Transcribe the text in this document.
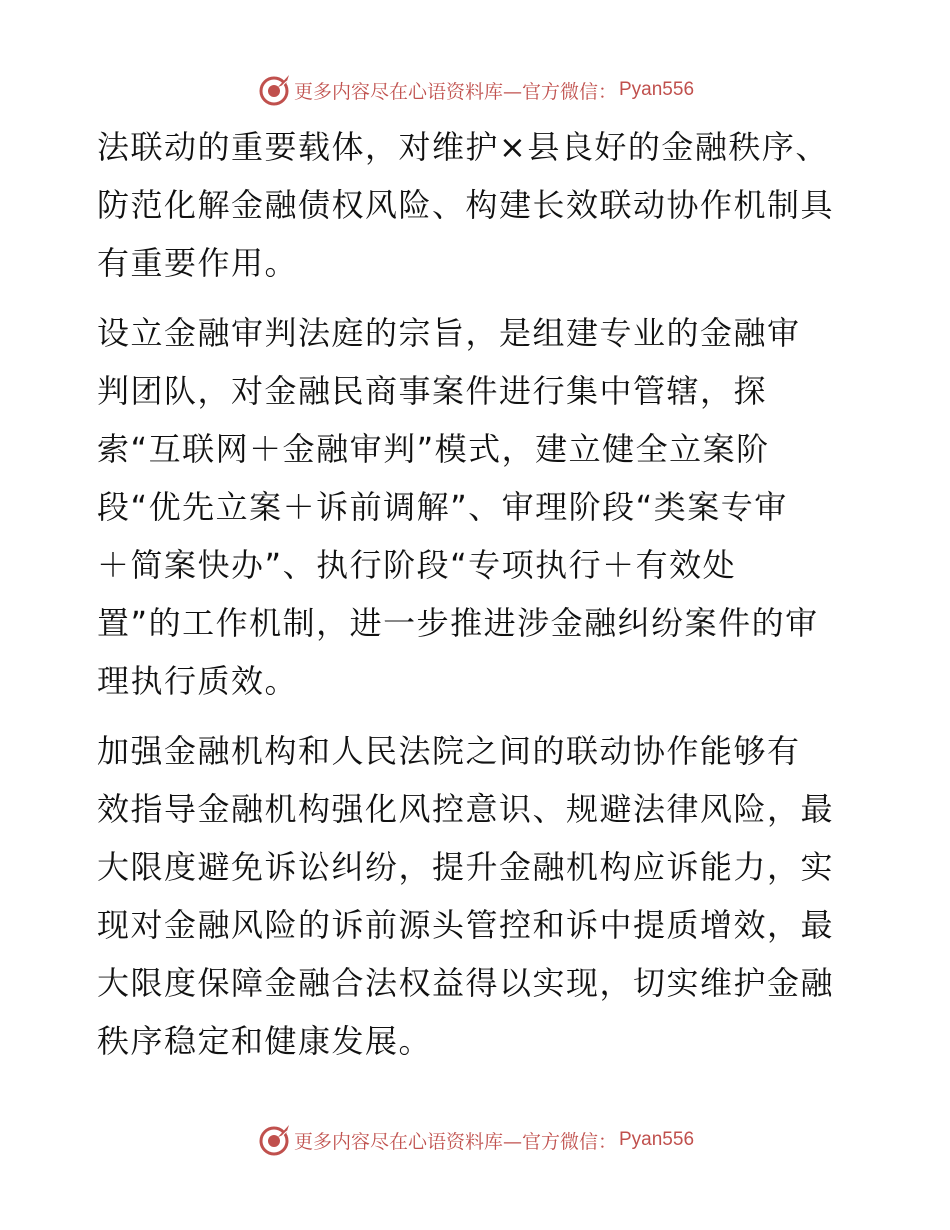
更多内容尽在心语资料库—官方微信： Pyan556
法联动的重要载体，对维护×县良好的金融秩序、
防范化解金融债权风险、构建长效联动协作机制具
有重要作用。
设立金融审判法庭的宗旨，是组建专业的金融审
判团队，对金融民商事案件进行集中管辖，探
索“互联网＋金融审判”模式，建立健全立案阶
段“优先立案＋诉前调解”、审理阶段“类案专审
＋简案快办”、执行阶段“专项执行＋有效处
置”的工作机制，进一步推进涉金融纠纷案件的审
理执行质效。
加强金融机构和人民法院之间的联动协作能够有
效指导金融机构强化风控意识、规避法律风险，最
大限度避免诉讼纠纷，提升金融机构应诉能力，实
现对金融风险的诉前源头管控和诉中提质增效，最
大限度保障金融合法权益得以实现，切实维护金融
秩序稳定和健康发展。
更多内容尽在心语资料库—官方微信： Pyan556
